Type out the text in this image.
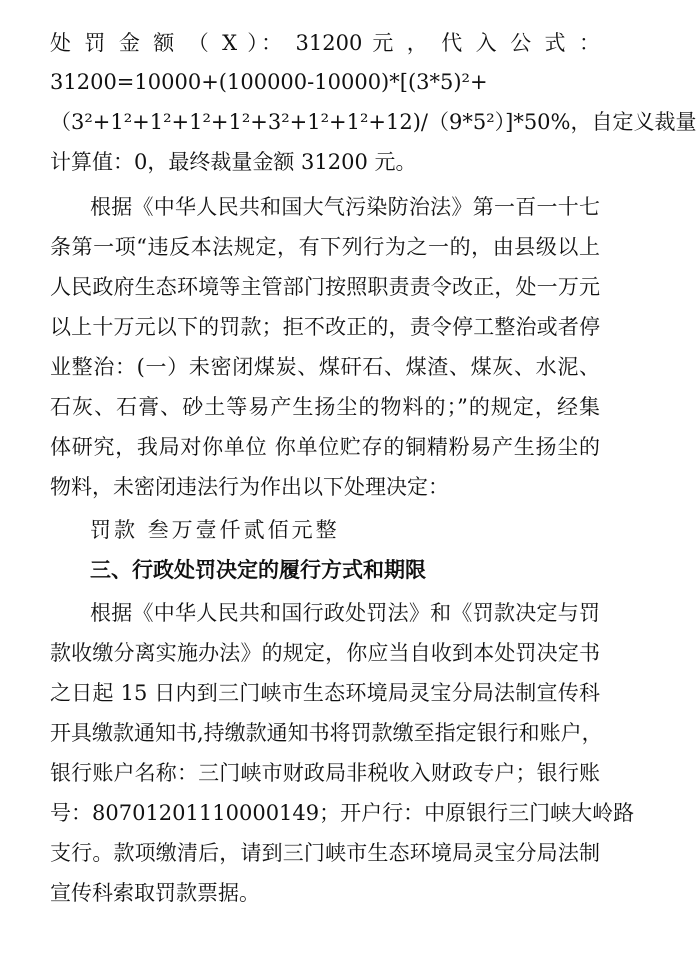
处 罚 金 额 （ X ）： 31200 元 ， 代 入 公 式 ：
31200=10000+(100000-10000)*[(3*5)²+
（3²+1²+1²+1²+1²+3²+1²+1²+12)/（9*5²）]*50%，自定义裁量
计算值：0，最终裁量金额 31200 元。
根据《中华人民共和国大气污染防治法》第一百一十七
条第一项“违反本法规定，有下列行为之一的，由县级以上
人民政府生态环境等主管部门按照职责责令改正，处一万元
以上十万元以下的罚款；拒不改正的，责令停工整治或者停
业整治：(一）未密闭煤炭、煤矸石、煤渣、煤灰、水泥、
石灰、石膏、砂土等易产生扬尘的物料的；”的规定，经集
体研究，我局对你单位 你单位贮存的铜精粉易产生扬尘的
物料，未密闭违法行为作出以下处理决定：
罚款 叁万壹仟贰佰元整
三、行政处罚决定的履行方式和期限
根据《中华人民共和国行政处罚法》和《罚款决定与罚
款收缴分离实施办法》的规定，你应当自收到本处罚决定书
之日起 15 日内到三门峡市生态环境局灵宝分局法制宣传科
开具缴款通知书,持缴款通知书将罚款缴至指定银行和账户，
银行账户名称：三门峡市财政局非税收入财政专户；银行账
号：80701201110000149；开户行：中原银行三门峡大岭路
支行。款项缴清后，请到三门峡市生态环境局灵宝分局法制
宣传科索取罚款票据。
